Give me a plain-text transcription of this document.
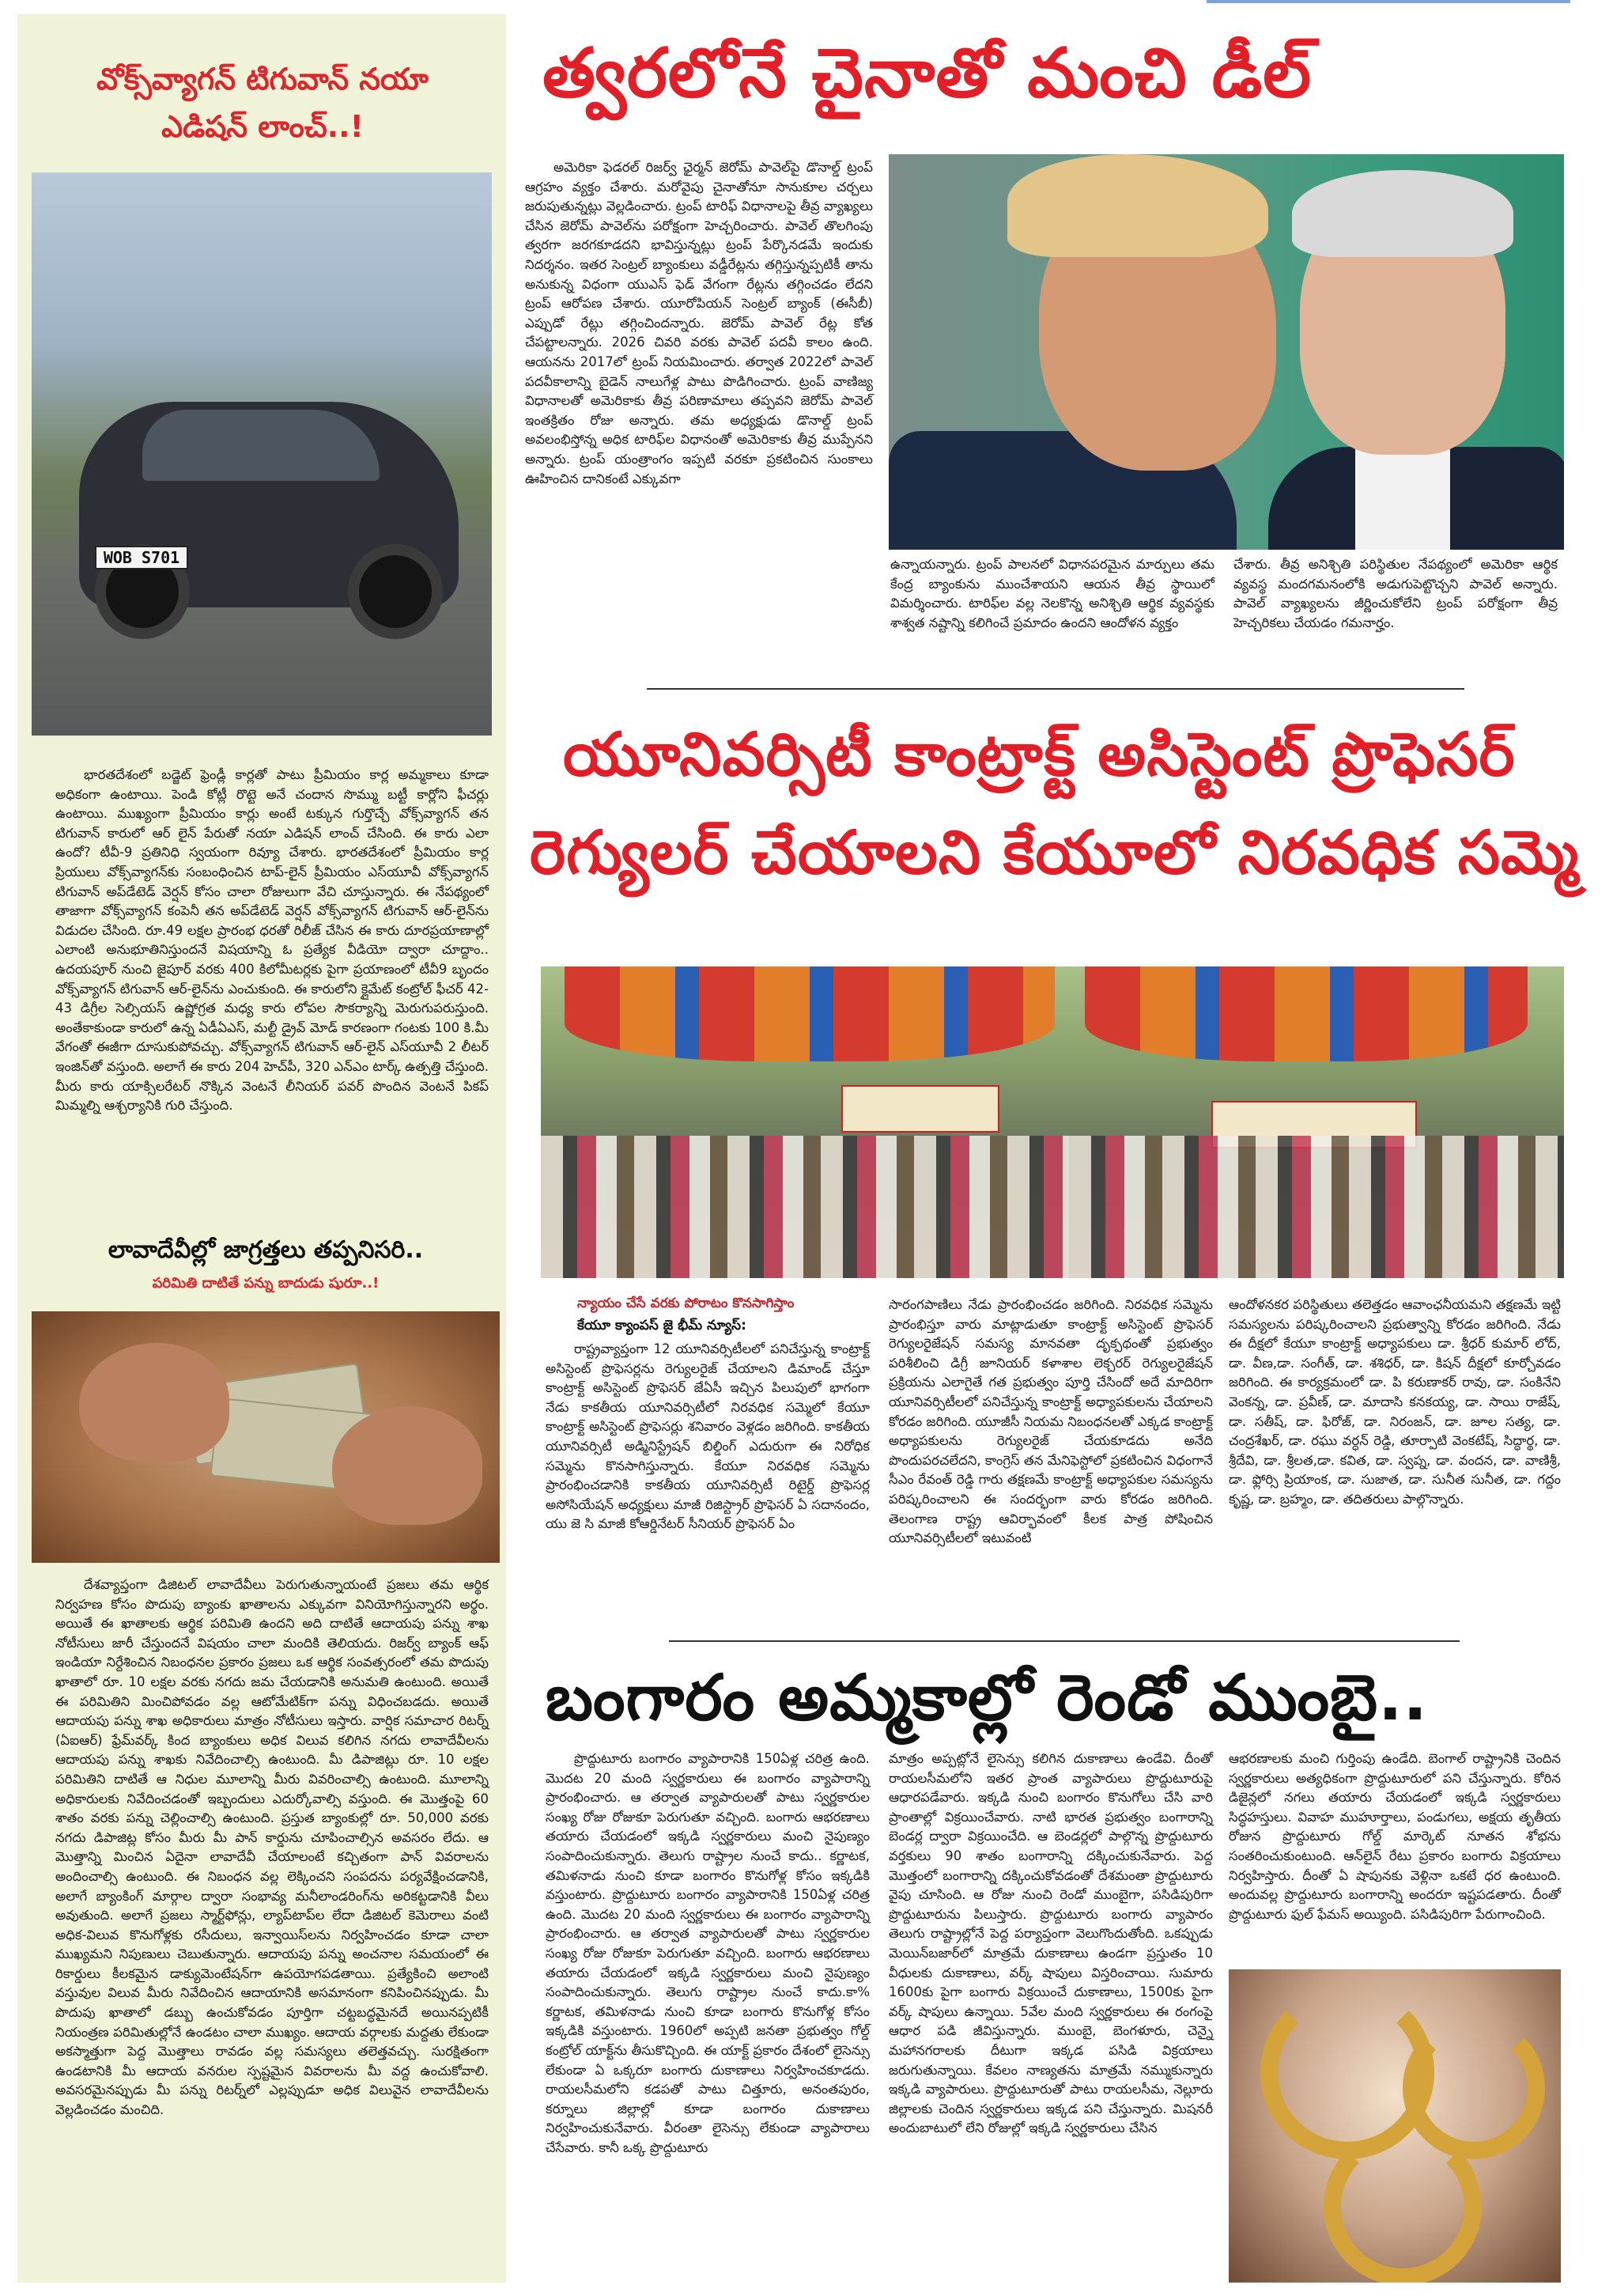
వోక్స్‌వ్యాగన్ టిగువాన్ నయా ఎడిషన్ లాంచ్..!
WOB S701
భారతదేశంలో బడ్జెట్ ఫ్రెండ్లీ కార్లతో పాటు ప్రీమియం కార్ల అమ్మకాలు కూడా అధికంగా ఉంటాయి. పెండి కోట్లీ రొట్టె అనే చందాన సొమ్ము బట్టీ కార్లోని ఫీచర్లు ఉంటాయి. ముఖ్యంగా ప్రీమియం కార్లు అంటే టక్కున గుర్తొచ్చే వోక్స్‌వ్యాగన్ తన టిగువాన్ కారులో ఆర్ లైన్ పేరుతో నయా ఎడిషన్ లాంచ్ చేసింది. ఈ కారు ఎలా ఉందో? టీవీ-9 ప్రతినిధి స్వయంగా రివ్యూ చేశారు. భారతదేశంలో ప్రీమియం కార్ల ప్రియులు వోక్స్‌వ్యాగన్‌కు సంబంధించిన టాప్-లైన్ ప్రీమియం ఎస్‌యూవీ వోక్స్‌వ్యాగన్ టిగువాన్ అప్‌డేటెడ్ వెర్షన్ కోసం చాలా రోజులుగా వేచి చూస్తున్నారు. ఈ నేపథ్యంలో తాజాగా వోక్స్‌వ్యాగన్ కంపెనీ తన అప్‌డేటెడ్ వెర్షన్ వోక్స్‌వ్యాగన్ టిగువాన్ ఆర్-లైన్‌ను విడుదల చేసింది. రూ.49 లక్షల ప్రారంభ ధరతో రిలీజ్ చేసిన ఈ కారు దూరప్రయాణాల్లో ఎలాంటి అనుభూతినిస్తుందనే విషయాన్ని ఓ ప్రత్యేక వీడియో ద్వారా చూద్దాం.. ఉదయపూర్ నుంచి జైపూర్ వరకు 400 కిలోమీటర్లకు పైగా ప్రయాణంలో టీవీ9 బృందం వోక్స్‌వ్యాగన్ టిగువాన్ ఆర్-లైన్‌ను ఎంచుకుంది. ఈ కారులోని క్లైమేట్ కంట్రోల్ ఫీచర్ 42-43 డిగ్రీల సెల్సియస్ ఉష్ణోగ్రత మధ్య కారు లోపల సౌకర్యాన్ని మెరుగుపరుస్తుంది. అంతేకాకుండా కారులో ఉన్న ఏడీఏఎస్, మల్టీ డ్రైవ్ మోడ్ కారణంగా గంటకు 100 కి.మీ వేగంతో ఈజీగా దూసుకుపోవచ్చు. వోక్స్‌వ్యాగన్ టిగువాన్ ఆర్-లైన్ ఎస్‌యూవీ 2 లీటర్ ఇంజిన్‌తో వస్తుంది. అలాగే ఈ కారు 204 హెచ్‌పీ, 320 ఎన్ఎం టార్క్ ఉత్పత్తి చేస్తుంది. మీరు కారు యాక్సిలరేటర్ నొక్కిన వెంటనే లీనియర్ పవర్ పొందిన వెంటనే పికప్ మిమ్మల్ని ఆశ్చర్యానికి గురి చేస్తుంది.
లావాదేవీల్లో జాగ్రత్తలు తప్పనిసరి..
పరిమితి దాటితే పన్ను బాదుడు షురూ..!
దేశవ్యాప్తంగా డిజిటల్ లావాదేవీలు పెరుగుతున్నాయంటే ప్రజలు తమ ఆర్థిక నిర్వహణ కోసం పొదుపు బ్యాంకు ఖాతాలను ఎక్కువగా వినియోగిస్తున్నారని అర్థం. అయితే ఈ ఖాతాలకు ఆర్థిక పరిమితి ఉందని అది దాటితే ఆదాయపు పన్ను శాఖ నోటీసులు జారీ చేస్తుందనే విషయం చాలా మందికి తెలియదు. రిజర్వ్ బ్యాంక్ ఆఫ్ ఇండియా నిర్దేశించిన నిబంధనల ప్రకారం ప్రజలు ఒక ఆర్థిక సంవత్సరంలో తమ పొదుపు ఖాతాలో రూ. 10 లక్షల వరకు నగదు జమ చేయడానికి అనుమతి ఉంటుంది. అయితే ఈ పరిమితిని మించిపోవడం వల్ల ఆటోమేటిక్‌గా పన్ను విధించబడదు. అయితే ఆదాయపు పన్ను శాఖ అధికారులు మాత్రం నోటీసులు ఇస్తారు. వార్షిక సమాచార రిటర్న్ (ఏఐఆర్) ఫ్రేమ్‌వర్క్ కింద బ్యాంకులు అధిక విలువ కలిగిన నగదు లావాదేవీలను ఆదాయపు పన్ను శాఖకు నివేదించాల్సి ఉంటుంది. మీ డిపాజిట్లు రూ. 10 లక్షల పరిమితిని దాటితే ఆ నిధుల మూలాన్ని మీరు వివరించాల్సి ఉంటుంది. మూలాన్ని అధికారులకు నివేదించడంతో ఇబ్బందులు ఎదుర్కోవాల్సి వస్తుంది. ఈ మొత్తంపై 60 శాతం వరకు పన్ను చెల్లించాల్సి ఉంటుంది. ప్రస్తుత బ్యాంకుల్లో రూ. 50,000 వరకు నగదు డిపాజిట్ల కోసం మీరు మీ పాన్ కార్డును చూపించాల్సిన అవసరం లేదు. ఆ మొత్తాన్ని మించిన ఏదైనా లావాదేవీ చేయాలంటే కచ్చితంగా పాన్ వివరాలను అందించాల్సి ఉంటుంది. ఈ నిబంధన వల్ల లెక్కించని సంపదను పర్యవేక్షించడానికి, అలాగే బ్యాంకింగ్ మార్గాల ద్వారా సంభావ్య మనీలాండరింగ్‌ను అరికట్టడానికి వీలు అవుతుంది. అలాగే ప్రజలు స్మార్ట్‌ఫోన్లు, ల్యాప్‌టాప్‌ల లేదా డిజిటల్ కెమెరాలు వంటి అధిక-విలువ కొనుగోళ్లకు రసీదులు, ఇన్వాయిస్‌లను నిర్వహించడం కూడా చాలా ముఖ్యమని నిపుణులు చెబుతున్నారు. ఆదాయపు పన్ను అంచనాల సమయంలో ఈ రికార్డులు కీలకమైన డాక్యుమెంటేషన్‌గా ఉపయోగపడతాయి. ప్రత్యేకించి అలాంటి వస్తువుల విలువ మీరు నివేదించిన ఆదాయానికి అసమానంగా కనిపించినప్పుడు. మీ పొదుపు ఖాతాలో డబ్బు ఉంచుకోవడం పూర్తిగా చట్టబద్ధమైనదే అయినప్పటికీ నియంత్రణ పరిమితుల్లోనే ఉండటం చాలా ముఖ్యం. ఆదాయ వర్గాలకు మద్దతు లేకుండా అకస్మాత్తుగా పెద్ద మొత్తాలు రావడం వల్ల సమస్యలు తలెత్తవచ్చు. సురక్షితంగా ఉండటానికి మీ ఆదాయ వనరుల స్పష్టమైన వివరాలను మీ వద్ద ఉంచుకోవాలి. అవసరమైనప్పుడు మీ పన్ను రిటర్న్‌లో ఎల్లప్పుడూ అధిక విలువైన లావాదేవీలను వెల్లడించడం మంచిది.
త్వరలోనే చైనాతో మంచి డీల్
అమెరికా ఫెడరల్ రిజర్వ్ ఛైర్మన్ జెరోమ్ పావెల్‌పై డొనాల్డ్ ట్రంప్ ఆగ్రహం వ్యక్తం చేశారు. మరోవైపు చైనాతోనూ సానుకూల చర్చలు జరుపుతున్నట్లు వెల్లడించారు. ట్రంప్ టారిఫ్ విధానాలపై తీవ్ర వ్యాఖ్యలు చేసిన జెరోమ్ పావెల్‌ను పరోక్షంగా హెచ్చరించారు. పావెల్ తొలగింపు త్వరగా జరగకూడదని భావిస్తున్నట్లు ట్రంప్ పేర్కొనడమే ఇందుకు నిదర్శనం. ఇతర సెంట్రల్ బ్యాంకులు వడ్డీరేట్లను తగ్గిస్తున్నప్పటికీ తాను అనుకున్న విధంగా యుఎస్ ఫెడ్ వేగంగా రేట్లను తగ్గించడం లేదని ట్రంప్ ఆరోపణ చేశారు. యూరోపియన్ సెంట్రల్ బ్యాంక్ (ఈసీబీ) ఎప్పుడో రేట్లు తగ్గించిందన్నారు. జెరోమ్ పావెల్ రేట్ల కోత చేపట్టాలన్నారు. 2026 చివరి వరకు పావెల్ పదవీ కాలం ఉంది. ఆయనను 2017లో ట్రంప్ నియమించారు. తర్వాత 2022లో పావెల్ పదవీకాలాన్ని బైడెన్ నాలుగేళ్ల పాటు పొడిగించారు. ట్రంప్ వాణిజ్య విధానాలతో అమెరికాకు తీవ్ర పరిణామాలు తప్పవని జెరోమ్ పావెల్ ఇంతక్రితం రోజు అన్నారు. తమ అధ్యక్షుడు డొనాల్డ్ ట్రంప్ అవలంభిస్తోన్న అధిక టారిఫ్‌ల విధానంతో అమెరికాకు తీవ్ర ముప్పేనని అన్నారు. ట్రంప్ యంత్రాంగం ఇప్పటి వరకూ ప్రకటించిన సుంకాలు ఊహించిన దానికంటే ఎక్కువగా
ఉన్నాయన్నారు. ట్రంప్ పాలనలో విధానపరమైన మార్పులు తమ కేంద్ర బ్యాంకును ముంచేశాయని ఆయన తీవ్ర స్థాయిలో విమర్శించారు. టారిఫ్‌ల వల్ల నెలకొన్న అనిశ్చితి ఆర్థిక వ్యవస్థకు శాశ్వత నష్టాన్ని కలిగించే ప్రమాదం ఉందని ఆందోళన వ్యక్తం
చేశారు. తీవ్ర అనిశ్చితి పరిస్థితుల నేపథ్యంలో అమెరికా ఆర్థిక వ్యవస్థ మందగమనంలోకి అడుగుపెట్టొచ్చని పావెల్ అన్నారు. పావెల్ వ్యాఖ్యలను జీర్ణించుకోలేని ట్రంప్ పరోక్షంగా తీవ్ర హెచ్చరికలు చేయడం గమనార్హం.
యూనివర్సిటీ కాంట్రాక్ట్ అసిస్టెంట్ ప్రొఫెసర్
రెగ్యులర్ చేయాలని కేయూలో నిరవధిక సమ్మె
న్యాయం చేసే వరకు పోరాటం కొనసాగిస్తాం
కేయూ క్యాంపస్ జై భీమ్ న్యూస్:
రాష్ట్రవ్యాప్తంగా 12 యూనివర్సిటీలలో పనిచేస్తున్న కాంట్రాక్ట్ అసిస్టెంట్ ప్రొఫెసర్లను రెగ్యులరైజ్ చేయాలని డిమాండ్ చేస్తూ కాంట్రాక్ట్ అసిస్టెంట్ ప్రొఫెసర్ జేఏసీ ఇచ్చిన పిలుపులో భాగంగా నేడు కాకతీయ యూనివర్సిటీలో నిరవధిక సమ్మెలో కేయూ కాంట్రాక్ట్ అసిస్టెంట్ ప్రొఫెసర్లు శనివారం వెళ్లడం జరిగింది. కాకతీయ యూనివర్సిటీ అడ్మినిస్ట్రేషన్ బిల్డింగ్ ఎదురుగా ఈ నిరోధిక సమ్మెను కొనసాగిస్తున్నారు. కేయూ నిరవధిక సమ్మెను ప్రారంభించడానికి కాకతీయ యూనివర్సిటీ రిటైర్డ్ ప్రొఫెసర్ల అసోసియేషన్ అధ్యక్షులు మాజీ రిజిస్ట్రార్ ప్రొఫెసర్ ఏ సదానందం, యు జె సి మాజీ కోఆర్డినేటర్ సీనియర్ ప్రొఫెసర్ ఏం
సారంగపాణిలు నేడు ప్రారంభించడం జరిగింది. నిరవధిక సమ్మెను ప్రారంభిస్తూ వారు మాట్లాడుతూ కాంట్రాక్ట్ అసిస్టెంట్ ప్రొఫెసర్ రెగ్యులరైజేషన్ సమస్య మానవతా దృక్పథంతో ప్రభుత్వం పరిశీలించి డిగ్రీ జూనియర్ కళాశాల లెక్చరర్ రెగ్యులరైజేషన్ ప్రక్రియను ఎలాగైతే గత ప్రభుత్వం పూర్తి చేసిందో అదే మాదిరిగా యూనివర్సిటీలలో పనిచేస్తున్న కాంట్రాక్ట్ అధ్యాపకులను చేయాలని కోరడం జరిగింది. యూజీసీ నియమ నిబంధనలతో ఎక్కడ కాంట్రాక్ట్ అధ్యాపకులను రెగ్యులరైజ్ చేయకూడదు అనేది పొందుపరచలేదని, కాంగ్రెస్ తన మేనిఫెస్టోలో ప్రకటించిన విధంగానే సీఎం రేవంత్ రెడ్డి గారు తక్షణమే కాంట్రాక్ట్ అధ్యాపకుల సమస్యను పరిష్కరించాలని ఈ సందర్భంగా వారు కోరడం జరిగింది. తెలంగాణ రాష్ట్ర ఆవిర్భావంలో కీలక పాత్ర పోషించిన యూనివర్సిటీలలో ఇటువంటి
ఆందోళనకర పరిస్థితులు తలెత్తడం ఆవాంఛనీయమని తక్షణమే ఇట్టి సమస్యలను పరిష్కరించాలని ప్రభుత్వాన్ని కోరడం జరిగింది. నేడు ఈ దీక్షలో కేయూ కాంట్రాక్ట్ అధ్యాపకులు డా. శ్రీధర్ కుమార్ లోద్, డా. వీణ,డా. సంగీత్, డా. శశిధర్, డా. కిషన్ దీక్షలో కూర్చోవడం జరిగింది. ఈ కార్యక్రమంలో డా. పి కరుణాకర్ రావు, డా. సంకినేని వెంకన్న, డా. ప్రవీణ్, డా. మాదాసి కనకయ్య, డా. సాయి రాజేష్, డా. సతీష్, డా. ఫిరోజ్, డా. నిరంజన్, డా. జూల సత్య, డా. చంద్రశేఖర్, డా. రఘు వర్ధన్ రెడ్డి, తూర్పాటి వెంకటేష్, సిద్ధార్థ, డా. శ్రీదేవి, డా. శ్రీలత,డా. కవిత, డా. స్వప్న, డా. వందన, డా. వాణిశ్రీ, డా. ఫ్లోర్సి ప్రియాంక, డా. సుజాత, డా. సునీత సునీత, డా. గద్దం కృష్ణ, డా. బ్రహ్మం, డా. తదితరులు పాల్గొన్నారు.
బంగారం అమ్మకాల్లో రెండో ముంబై..
ప్రొద్దుటూరు బంగారం వ్యాపారానికి 150ఏళ్ల చరిత్ర ఉంది. మొదట 20 మంది స్వర్ణకారులు ఈ బంగారం వ్యాపారాన్ని ప్రారంభించారు. ఆ తర్వాత వ్యాపారులతో పాటు స్వర్ణకారుల సంఖ్య రోజు రోజుకూ పెరుగుతూ వచ్చింది. బంగారు ఆభరణాలు తయారు చేయడంలో ఇక్కడి స్వర్ణకారులు మంచి నైపుణ్యం సంపాదించుకున్నారు. తెలుగు రాష్ట్రాల నుంచే కాదు.. కర్ణాటక, తమిళనాడు నుంచి కూడా బంగారం కొనుగోళ్ల కోసం ఇక్కడికి వస్తుంటారు. ప్రొద్దుటూరు బంగారం వ్యాపారానికి 150ఏళ్ల చరిత్ర ఉంది. మొదట 20 మంది స్వర్ణకారులు ఈ బంగారం వ్యాపారాన్ని ప్రారంభించారు. ఆ తర్వాత వ్యాపారులతో పాటు స్వర్ణకారుల సంఖ్య రోజు రోజుకూ పెరుగుతూ వచ్చింది. బంగారు ఆభరణాలు తయారు చేయడంలో ఇక్కడి స్వర్ణకారులు మంచి నైపుణ్యం సంపాదించుకున్నారు. తెలుగు రాష్ట్రాల నుంచే కాదు.కా% కర్ణాటక, తమిళనాడు నుంచి కూడా బంగారు కొనుగోళ్ల కోసం ఇక్కడికి వస్తుంటారు. 1960లో అప్పటి జనతా ప్రభుత్వం గోల్డ్ కంట్రోల్ యాక్ట్‌ను తీసుకొచ్చింది. ఈ యాక్ట్ ప్రకారం దేశంలో లైసెన్సు లేకుండా ఏ ఒక్కరూ బంగారు దుకాణాలు నిర్వహించకూడదు. రాయలసీమలోని కడపతో పాటు చిత్తూరు, అనంతపురం, కర్నూలు జిల్లాల్లో కూడా బంగారం దుకాణాలు నిర్వహించుకునేవారు. వీరంతా లైసెన్సు లేకుండా వ్యాపారాలు చేసేవారు. కానీ ఒక్క ప్రొద్దుటూరు
మాత్రం అప్పట్లోనే లైసెన్సు కలిగిన దుకాణాలు ఉండేవి. దీంతో రాయలసీమలోని ఇతర ప్రాంత వ్యాపారులు ప్రొద్దుటూరుపై ఆధారపడేవారు. ఇక్కడి నుంచి బంగారం కొనుగోలు చేసి వారి ప్రాంతాల్లో విక్రయించేవారు. నాటి భారత ప్రభుత్వం బంగారాన్ని బెండర్ల ద్వారా విక్రయించేది. ఆ బెండర్లలో పాల్గొన్న ప్రొద్దుటూరు వర్తకులు 90 శాతం బంగారాన్ని దక్కించుకునేవారు. పెద్ద మొత్తంలో బంగారాన్ని దక్కించుకోవడంతో దేశమంతా ప్రొద్దుటూరు వైపు చూసింది. ఆ రోజు నుంచి రెండో ముంబైగా, పసిడిపురిగా ప్రొద్దుటూరును పిలుస్తారు. ప్రొద్దుటూరు బంగారు వ్యాపారం తెలుగు రాష్ట్రాల్లోనే పెద్ద పర్యాప్తంగా వెలుగొందుతోంది. ఒకప్పుడు మెయిన్‌బజార్‌లో మాత్రమే దుకాణాలు ఉండగా ప్రస్తుతం 10 వీధులకు దుకాణాలు, వర్క్ షాపులు విస్తరించాయి. సుమారు 1600కు పైగా బంగారు విక్రయించే దుకాణాలు, 1500కు పైగా వర్క్ షాపులు ఉన్నాయి. 5వేల మంది స్వర్ణకారులు ఈ రంగంపై ఆధార పడి జీవిస్తున్నారు. ముంబై, బెంగళూరు, చెన్నై మహానగరాలకు దీటుగా ఇక్కడ పసిడి విక్రయాలు జరుగుతున్నాయి. కేవలం నాణ్యతను మాత్రమే నమ్ముకున్నారు ఇక్కడి వ్యాపారులు. ప్రొద్దుటూరుతో పాటు రాయలసీమ, నెల్లూరు జిల్లాలకు చెందిన స్వర్ణకారులు ఇక్కడ పని చేస్తున్నారు. మిషనరీ అందుబాటులో లేని రోజుల్లో ఇక్కడి స్వర్ణకారులు చేసిన
ఆభరణాలకు మంచి గుర్తింపు ఉండేది. బెంగాల్ రాష్ట్రానికి చెందిన స్వర్ణకారులు అత్యధికంగా ప్రొద్దుటూరులో పని చేస్తున్నారు. కోరిన డిజైన్లలో నగలు తయారు చేయడంలో ఇక్కడి స్వర్ణకారులు సిద్ధహస్తులు. వివాహ ముహూర్తాలు, పండుగలు, అక్షయ తృతీయ రోజున ప్రొద్దుటూరు గోల్డ్ మార్కెట్ నూతన శోభను సంతరించుకుంటుంది. ఆన్‌లైన్ రేటు ప్రకారం బంగారు విక్రయాలు నిర్వహిస్తారు. దీంతో ఏ షాపునకు వెళ్లినా ఒకటే ధర ఉంటుంది. అందువల్ల ప్రొద్దుటూరు బంగారాన్ని అందరూ ఇష్టపడతారు. దీంతో ప్రొద్దుటూరు ఫుల్ ఫేమస్ అయ్యింది. పసిడిపురిగా పేరుగాంచింది.
